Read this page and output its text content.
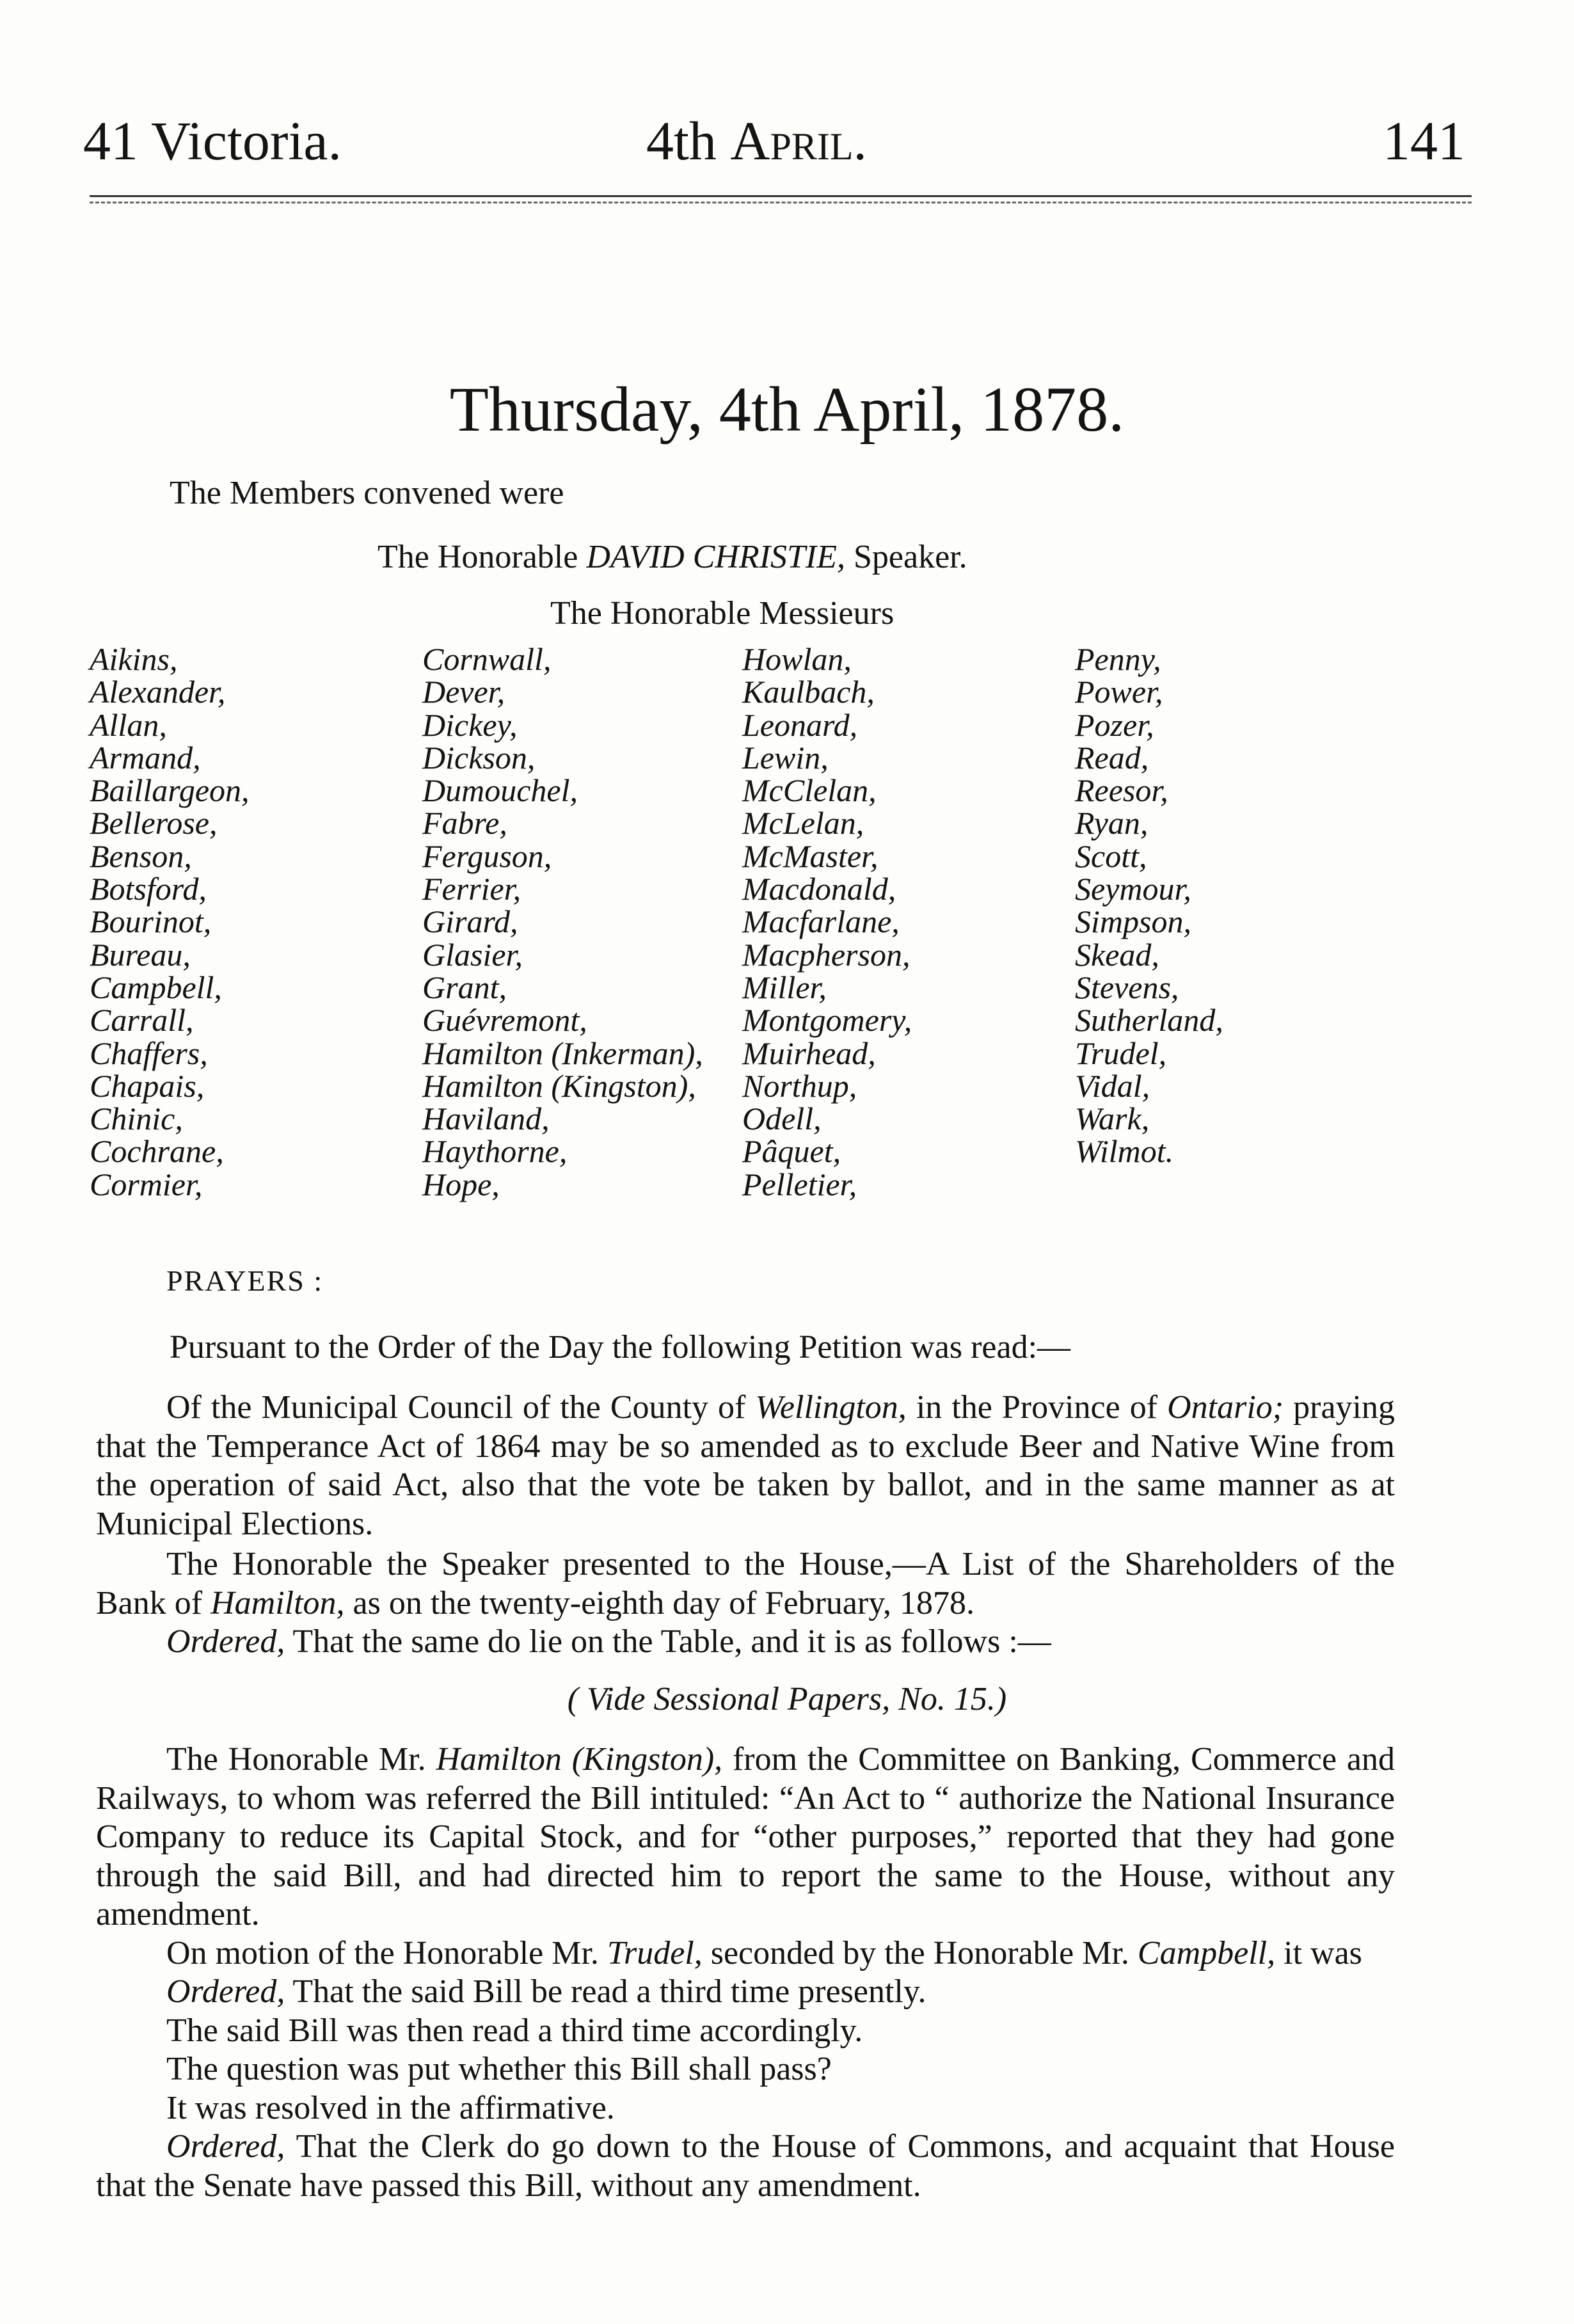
41 Victoria.	4th April.	141
Thursday, 4th April, 1878.
The Members convened were
The Honorable DAVID CHRISTIE, Speaker.
The Honorable Messieurs
Aikins,
Alexander,
Allan,
Armand,
Baillargeon,
Bellerose,
Benson,
Botsford,
Bourinot,
Bureau,
Campbell,
Carrall,
Chaffers,
Chapais,
Chinic,
Cochrane,
Cormier,
Cornwall,
Dever,
Dickey,
Dickson,
Dumouchel,
Fabre,
Ferguson,
Ferrier,
Girard,
Glasier,
Grant,
Guévremont,
Hamilton (Inkerman),
Hamilton (Kingston),
Haviland,
Haythorne,
Hope,
Howlan,
Kaulbach,
Leonard,
Lewin,
McClelan,
McLelan,
McMaster,
Macdonald,
Macfarlane,
Macpherson,
Miller,
Montgomery,
Muirhead,
Northup,
Odell,
Pâquet,
Pelletier,
Penny,
Power,
Pozer,
Read,
Reesor,
Ryan,
Scott,
Seymour,
Simpson,
Skead,
Stevens,
Sutherland,
Trudel,
Vidal,
Wark,
Wilmot.
PRAYERS :
Pursuant to the Order of the Day the following Petition was read:—
Of the Municipal Council of the County of Wellington, in the Province of Ontario; praying that the Temperance Act of 1864 may be so amended as to exclude Beer and Native Wine from the operation of said Act, also that the vote be taken by ballot, and in the same manner as at Municipal Elections.
The Honorable the Speaker presented to the House,—A List of the Shareholders of the Bank of Hamilton, as on the twenty-eighth day of February, 1878.
Ordered, That the same do lie on the Table, and it is as follows :—
( Vide Sessional Papers, No. 15.)
The Honorable Mr. Hamilton (Kingston), from the Committee on Banking, Commerce and Railways, to whom was referred the Bill intituled: “An Act to “ authorize the National Insurance Company to reduce its Capital Stock, and for “other purposes,” reported that they had gone through the said Bill, and had directed him to report the same to the House, without any amendment.
On motion of the Honorable Mr. Trudel, seconded by the Honorable Mr. Campbell, it was
Ordered, That the said Bill be read a third time presently.
The said Bill was then read a third time accordingly.
The question was put whether this Bill shall pass?
It was resolved in the affirmative.
Ordered, That the Clerk do go down to the House of Commons, and acquaint that House that the Senate have passed this Bill, without any amendment.
